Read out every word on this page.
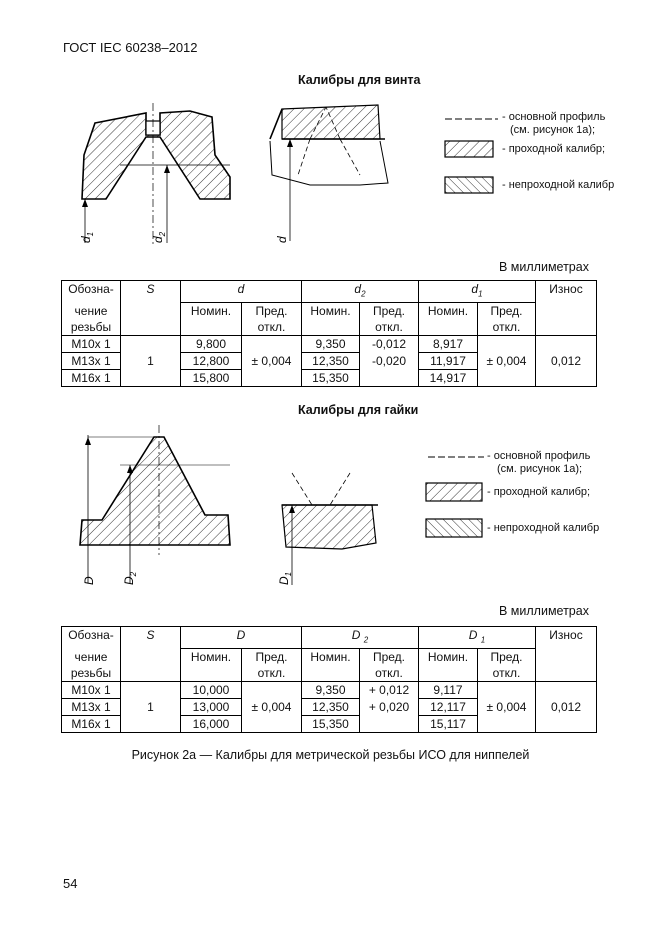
ГОСТ IEC 60238–2012
Калибры для винта
$d_1$
$d_2$
d
- основной профиль
(см. рисунок 1а);
- проходной калибр;
- непроходной калибр
В миллиметрах
Обозна-	S	d		$d_2$		$d_1$		Износ
чение		Номин.	Пред.	Номин.	Пред.	Номин.	Пред.	
резьбы			откл.		откл.		откл.	
M10x 1	1	9,800	± 0,004	9,350	-0,012	8,917	± 0,004	0,012
M13x 1		12,800		12,350	-0,020	11,917		
M16x 1		15,800		15,350		14,917		
Калибры для гайки
D $D_2$
$D_1$
- основной профиль
(см. рисунок 1а);
- проходной калибр;
- непроходной калибр
В миллиметрах
Обозна-	S	D		D $_2$		D $_1$		Износ
чение		Номин.	Пред.	Номин.	Пред.	Номин.	Пред.	
резьбы			откл.		откл.		откл.	
M10x 1	1	10,000	± 0,004	9,350	+ 0,012	9,117	± 0,004	0,012
M13x 1		13,000		12,350	+ 0,020	12,117		
M16x 1		16,000		15,350		15,117		
Рисунок 2а — Калибры для метрической резьбы ИСО для ниппелей
54
